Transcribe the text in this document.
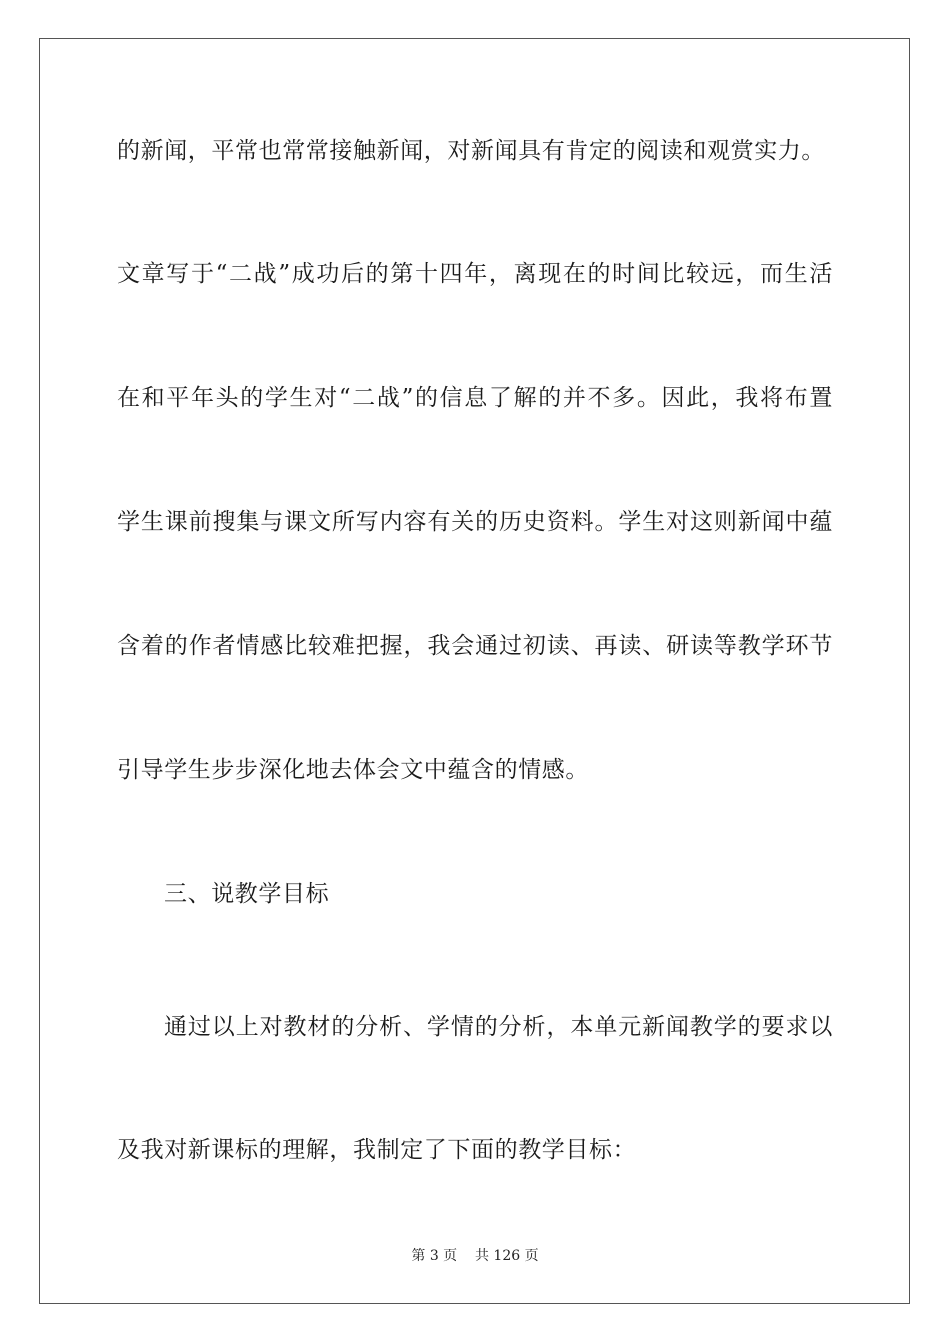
的新闻，平常也常常接触新闻，对新闻具有肯定的阅读和观赏实力。
文章写于“二战”成功后的第十四年，离现在的时间比较远，而生活
在和平年头的学生对“二战”的信息了解的并不多。因此，我将布置
学生课前搜集与课文所写内容有关的历史资料。学生对这则新闻中蕴
含着的作者情感比较难把握，我会通过初读、再读、研读等教学环节
引导学生步步深化地去体会文中蕴含的情感。
三、说教学目标
通过以上对教材的分析、学情的分析，本单元新闻教学的要求以
及我对新课标的理解，我制定了下面的教学目标：
第 3 页    共 126 页
